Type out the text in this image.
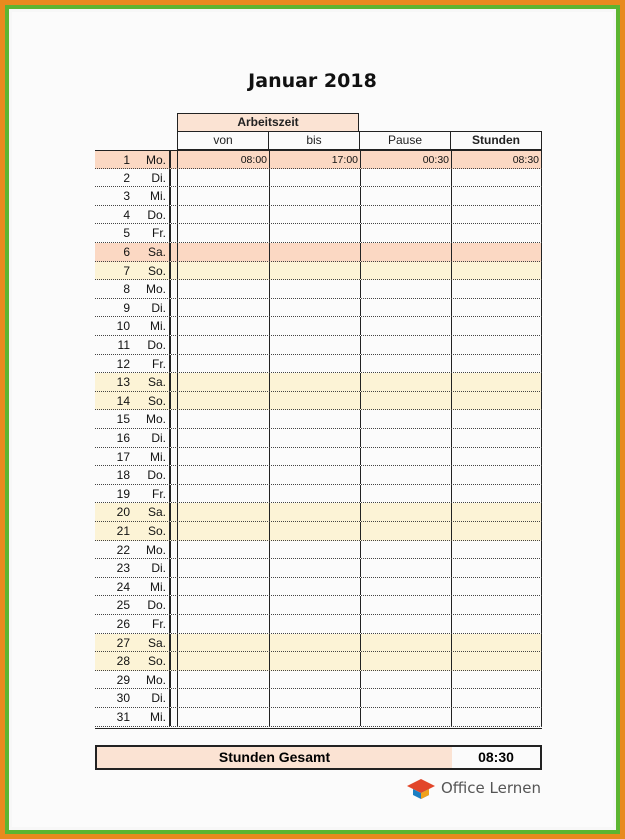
Januar 2018
Arbeitszeit
von	bis	Pause	Stunden
1	Mo.	08:00	17:00	00:30	08:30
2	Di.
3	Mi.
4	Do.
5	Fr.
6	Sa.
7	So.
8	Mo.
9	Di.
10	Mi.
11	Do.
12	Fr.
13	Sa.
14	So.
15	Mo.
16	Di.
17	Mi.
18	Do.
19	Fr.
20	Sa.
21	So.
22	Mo.
23	Di.
24	Mi.
25	Do.
26	Fr.
27	Sa.
28	So.
29	Mo.
30	Di.
31	Mi.
Stunden Gesamt	08:30
Office Lernen
